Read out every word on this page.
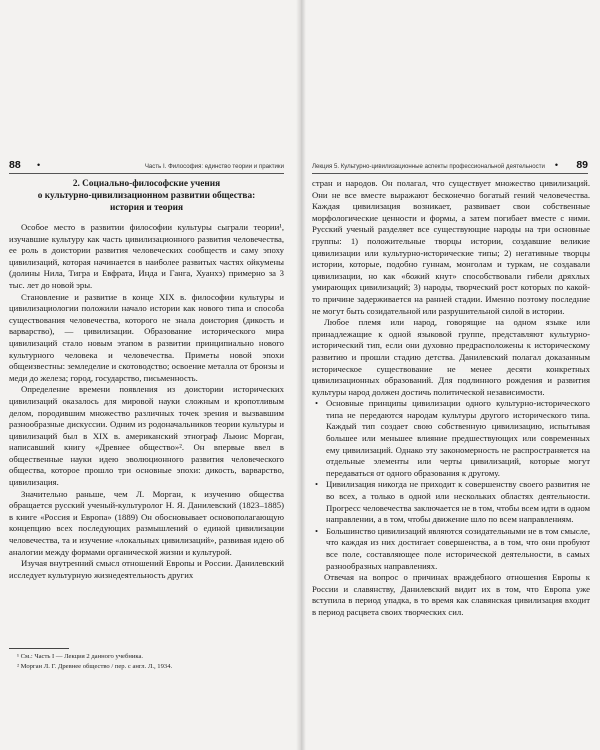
88 •	Часть I. Философия: единство теории и практики
2. Социально-философские учения
о культурно-цивилизационном развитии общества:
история и теория

Особое место в развитии философии культуры сыграли теории¹, изучавшие культуру как часть цивилизационного развития человечества, ее роль в доистории развития человеческих сообществ и саму эпоху цивилизаций, которая начинается в наиболее развитых частях ойкумены (долины Нила, Тигра и Евфрата, Инда и Ганга, Хуанхэ) примерно за 3 тыс. лет до новой эры.

Становление и развитие в конце XIX в. философии культуры и цивилизациологии положили начало истории как нового типа и способа существования человечества, которого не знала доистория (дикость и варварство), — цивилизации. Образование исторического мира цивилизаций стало новым этапом в развитии принципиально нового культурного человека и человечества. Приметы новой эпохи общеизвестны: земледелие и скотоводство; освоение металла от бронзы и меди до железа; город, государство, письменность.

Определение времени появления из доистории исторических цивилизаций оказалось для мировой науки сложным и кропотливым делом, породившим множество различных точек зрения и вызвавшим разнообразные дискуссии. Одним из родоначальников теории культуры и цивилизаций был в XIX в. американский этнограф Льюис Морган, написавший книгу «Древнее общество»². Он впервые ввел в общественные науки идею эволюционного развития человеческого общества, которое прошло три основные эпохи: дикость, варварство, цивилизация.

Значительно раньше, чем Л. Морган, к изучению общества обращается русский ученый-культуролог Н. Я. Данилевский (1823–1885) в книге «Россия и Европа» (1889) Он обосновывает основополагающую концепцию всех последующих размышлений о единой цивилизации человечества, та и изучение «локальных цивилизаций», развивая идею об аналогии между формами органической жизни и культурой.

Изучая внутренний смысл отношений Европы и России. Данилевский исследует культурную жизнедеятельность других

¹ См.: Часть I — Лекция 2 данного учебника.
² Морган Л. Г. Древнее общество / пер. с англ. Л., 1934.
Лекция 5. Культурно-цивилизационные аспекты профессиональной деятельности • 89

стран и народов. Он полагал, что существует множество цивилизаций. Они не все вместе выражают бесконечно богатый гений человечества. Каждая цивилизация возникает, развивает свои собственные морфологические ценности и формы, а затем погибает вместе с ними. Русский ученый разделяет все существующие народы на три основные группы: 1) положительные творцы истории, создавшие великие цивилизации или культурно-исторические типы; 2) негативные творцы истории, которые, подобно гуннам, монголам и туркам, не создавали цивилизации, но как «божий кнут» способствовали гибели дряхлых умирающих цивилизаций; 3) народы, творческий рост которых по какой-то причине задерживается на ранней стадии. Именно поэтому последние не могут быть созидательной или разрушительной силой в истории.

Любое племя или народ, говорящие на одном языке или принадлежащие к одной языковой группе, представляют культурно-исторический тип, если они духовно предрасположены к историческому развитию и прошли стадию детства. Данилевский полагал доказанным историческое существование не менее десяти конкретных цивилизационных образований. Для подлинного рождения и развития культуры народ должен достичь политической независимости.

• Основные принципы цивилизации одного культурно-исторического типа не передаются народам культуры другого исторического типа. Каждый тип создает свою собственную цивилизацию, испытывая большее или меньшее влияние предшествующих или современных ему цивилизаций. Однако эту закономерность не распространяется на отдельные элементы или черты цивилизаций, которые могут передаваться от одного образования к другому.
• Цивилизация никогда не приходит к совершенству своего развития не во всех, а только в одной или нескольких областях деятельности. Прогресс человечества заключается не в том, чтобы всем идти в одном направлении, а в том, чтобы движение шло по всем направлениям.
• Большинство цивилизаций являются созидательными не в том смысле, что каждая из них достигает совершенства, а в том, что они пробуют все поле, составляющее поле исторической деятельности, в самых разнообразных направлениях.

Отвечая на вопрос о причинах враждебного отношения Европы к России и славянству, Данилевский видит их в том, что Европа уже вступила в период упадка, в то время как славянская цивилизация входит в период расцвета своих творческих сил.
